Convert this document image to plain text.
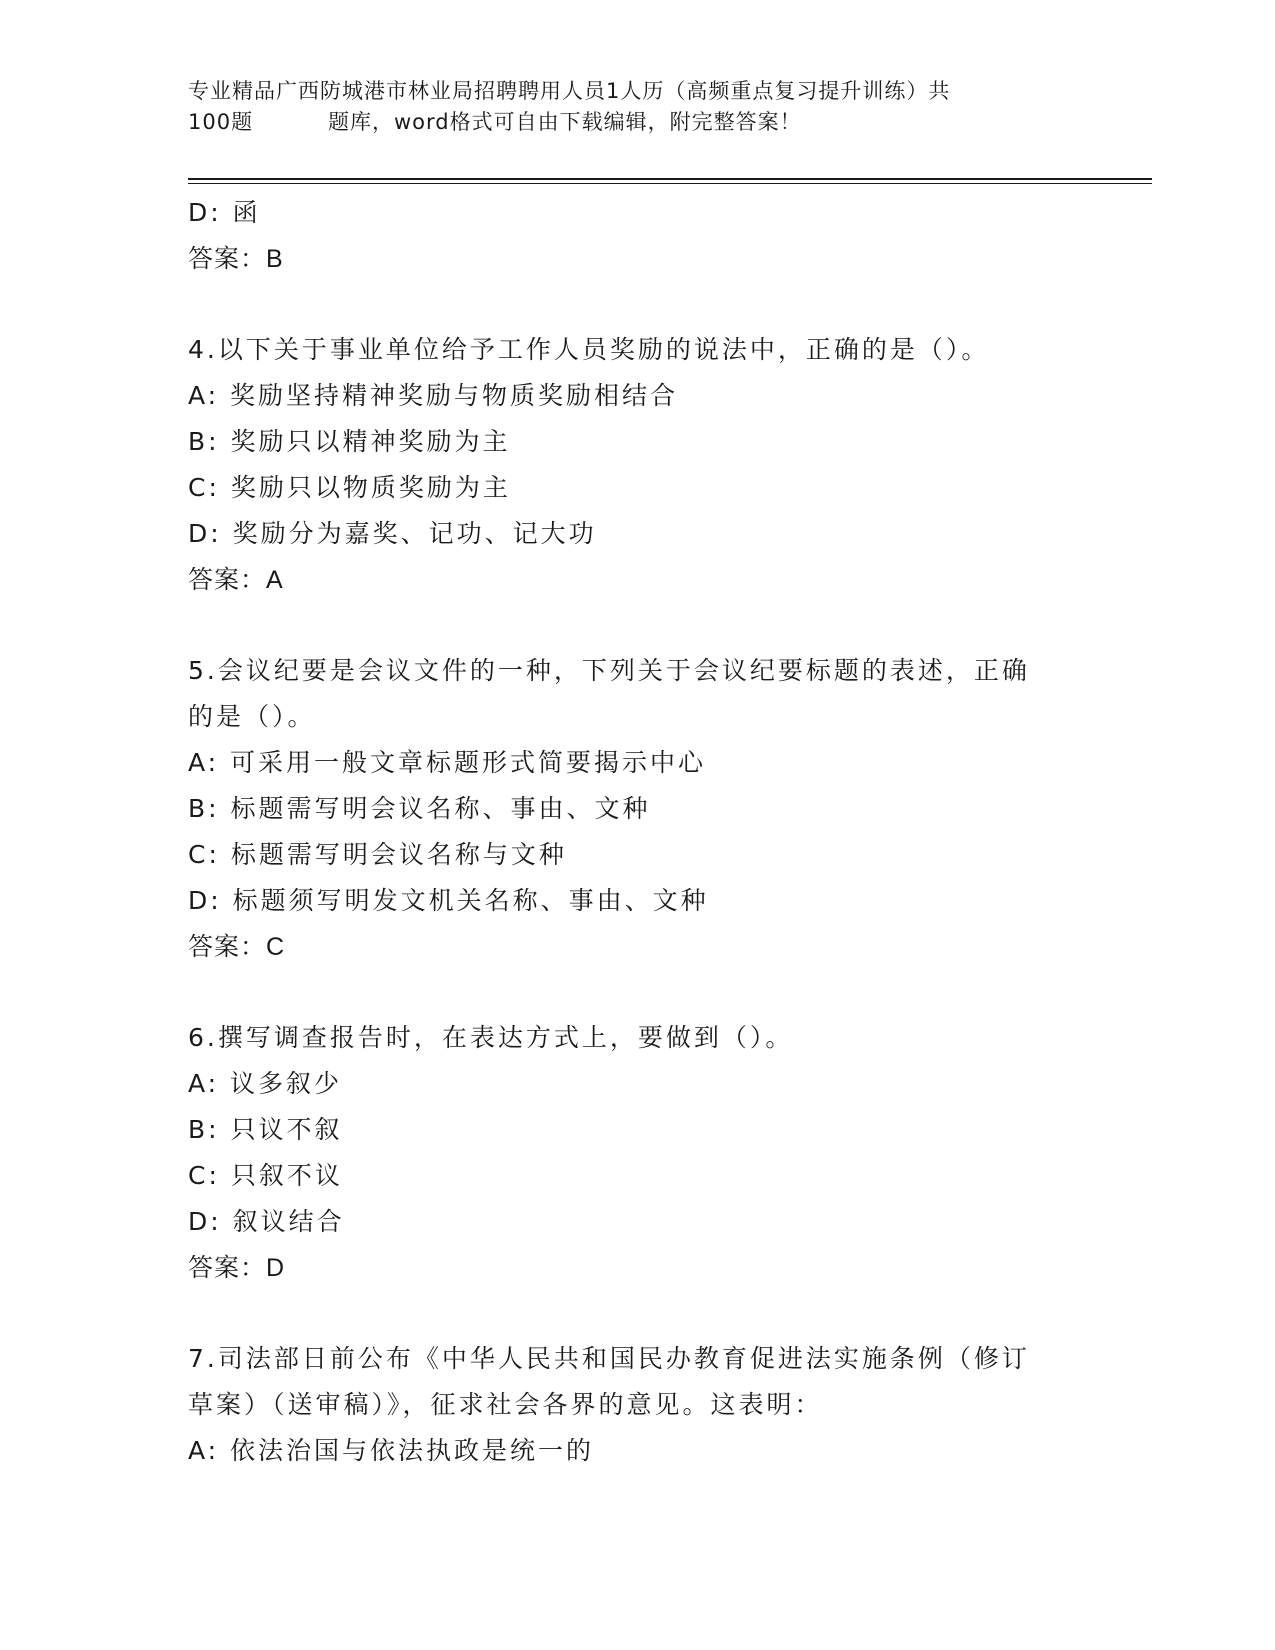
专业精品广西防城港市林业局招聘聘用人员1人历（高频重点复习提升训练）共
100题	题库，word格式可自由下载编辑，附完整答案！
D: 函
答案：B
4.以下关于事业单位给予工作人员奖励的说法中，正确的是（）。
A: 奖励坚持精神奖励与物质奖励相结合
B: 奖励只以精神奖励为主
C: 奖励只以物质奖励为主
D: 奖励分为嘉奖、记功、记大功
答案：A
5.会议纪要是会议文件的一种，下列关于会议纪要标题的表述，正确
的是（）。
A: 可采用一般文章标题形式简要揭示中心
B: 标题需写明会议名称、事由、文种
C: 标题需写明会议名称与文种
D: 标题须写明发文机关名称、事由、文种
答案：C
6.撰写调查报告时，在表达方式上，要做到（）。
A: 议多叙少
B: 只议不叙
C: 只叙不议
D: 叙议结合
答案：D
7.司法部日前公布《中华人民共和国民办教育促进法实施条例（修订
草案）（送审稿）》，征求社会各界的意见。这表明：
A: 依法治国与依法执政是统一的
